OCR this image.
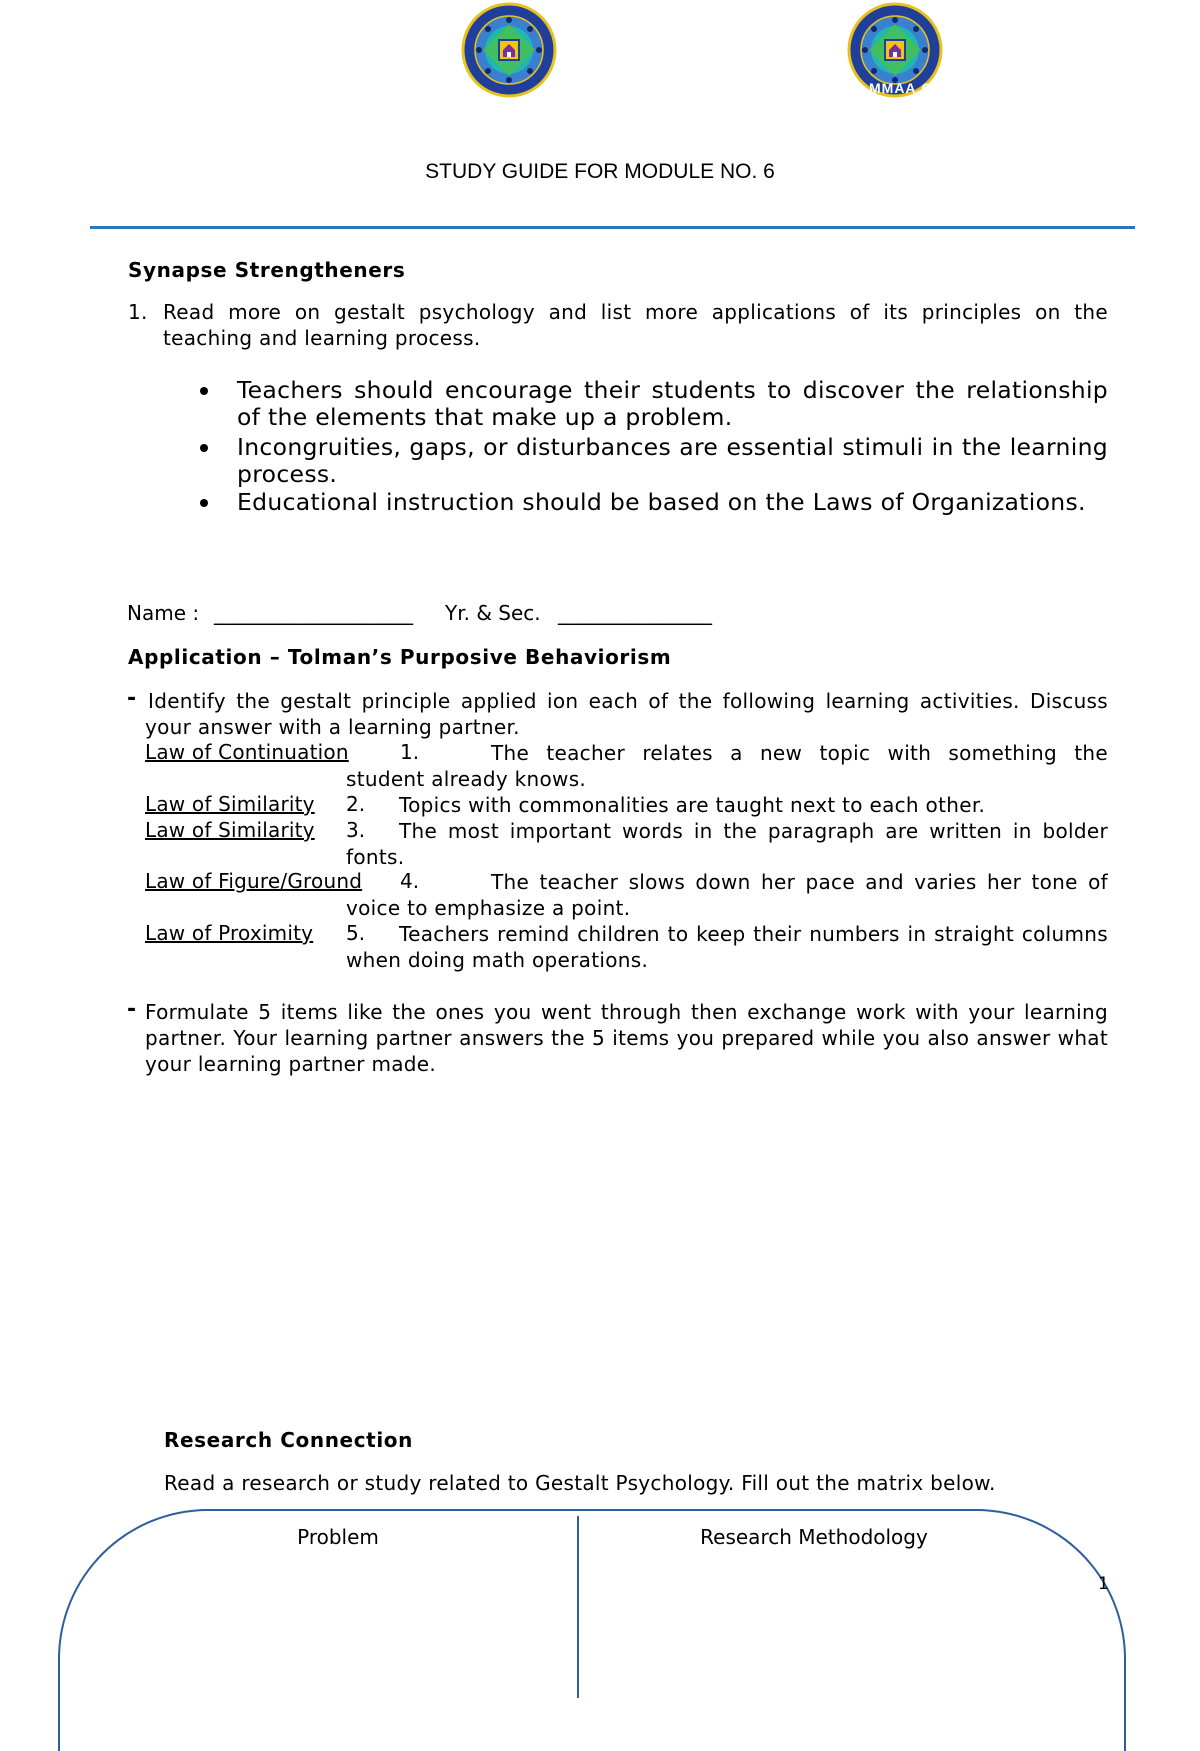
MMAA.C
STUDY GUIDE FOR MODULE NO. 6
Synapse Strengtheners
1. Read more on gestalt psychology and list more applications of its principles on the teaching and learning process.
Teachers should encourage their students to discover the relationship of the elements that make up a problem.
Incongruities, gaps, or disturbances are essential stimuli in the learning process.
Educational instruction should be based on the Laws of Organizations.
Name : ______________________ Yr. & Sec. _________________
Application – Tolman’s Purposive Behaviorism
- Identify the gestalt principle applied ion each of the following learning activities. Discuss your answer with a learning partner.
Law of Continuation	1.	The teacher relates a new topic with something the student already knows.
Law of Similarity 2.	Topics with commonalities are taught next to each other.
Law of Similarity 3.	The most important words in the paragraph are written in bolder fonts.
Law of Figure/Ground 4.	The teacher slows down her pace and varies her tone of voice to emphasize a point.
Law of Proximity 5.	Teachers remind children to keep their numbers in straight columns when doing math operations.
- Formulate 5 items like the ones you went through then exchange work with your learning partner. Your learning partner answers the 5 items you prepared while you also answer what your learning partner made.
Research Connection
Read a research or study related to Gestalt Psychology. Fill out the matrix below.
Problem	Research Methodology
1
